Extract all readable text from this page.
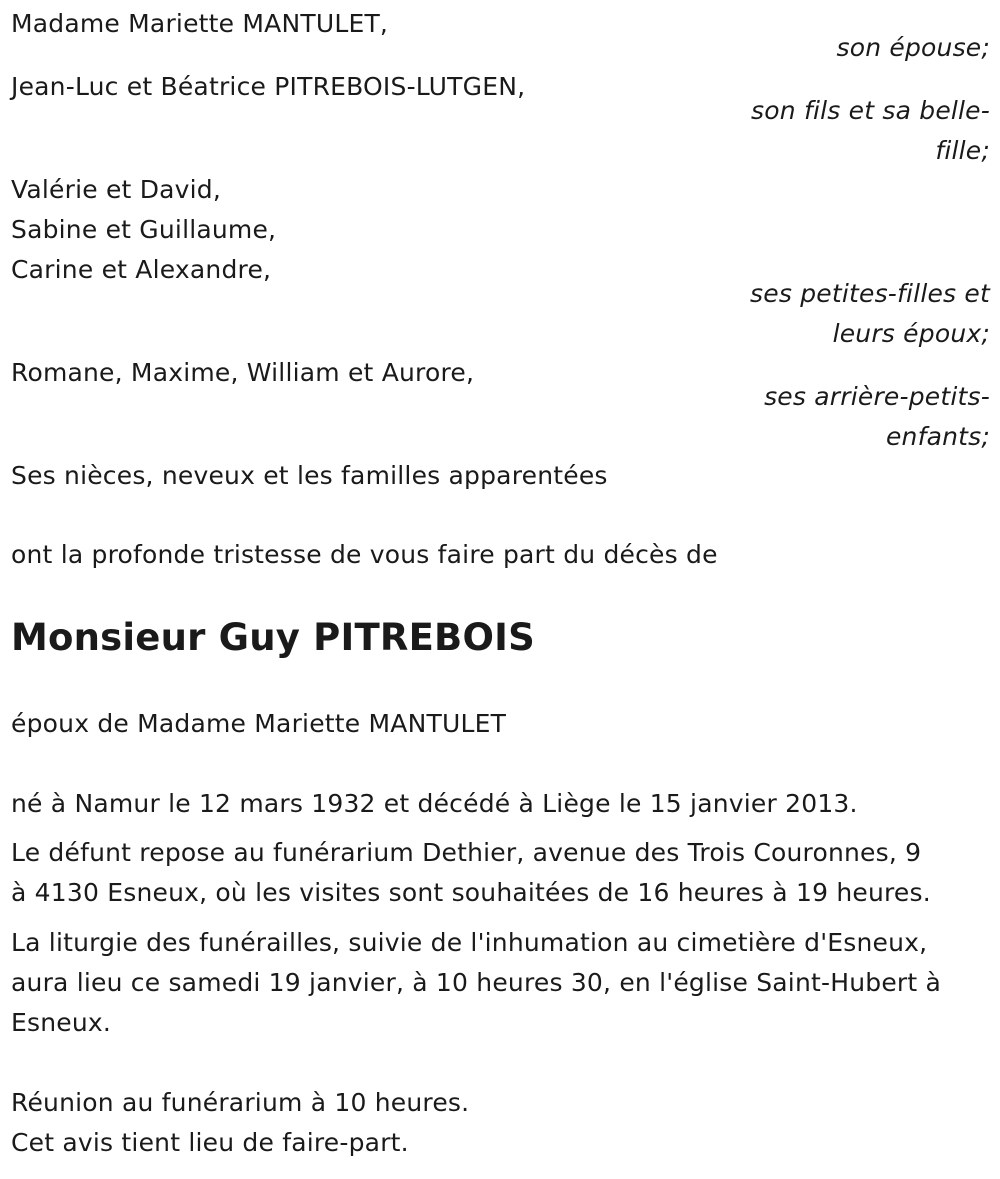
Madame Mariette MANTULET,
son épouse;
Jean-Luc et Béatrice PITREBOIS-LUTGEN,
son fils et sa belle-
fille;
Valérie et David,
Sabine et Guillaume,
Carine et Alexandre,
ses petites-filles et
leurs époux;
Romane, Maxime, William et Aurore,
ses arrière-petits-
enfants;
Ses nièces, neveux et les familles apparentées
ont la profonde tristesse de vous faire part du décès de
Monsieur Guy PITREBOIS
époux de Madame Mariette MANTULET
né à Namur le 12 mars 1932 et décédé à Liège le 15 janvier 2013.
Le défunt repose au funérarium Dethier, avenue des Trois Couronnes, 9
à 4130 Esneux, où les visites sont souhaitées de 16 heures à 19 heures.
La liturgie des funérailles, suivie de l'inhumation au cimetière d'Esneux,
aura lieu ce samedi 19 janvier, à 10 heures 30, en l'église Saint-Hubert à
Esneux.
Réunion au funérarium à 10 heures.
Cet avis tient lieu de faire-part.
